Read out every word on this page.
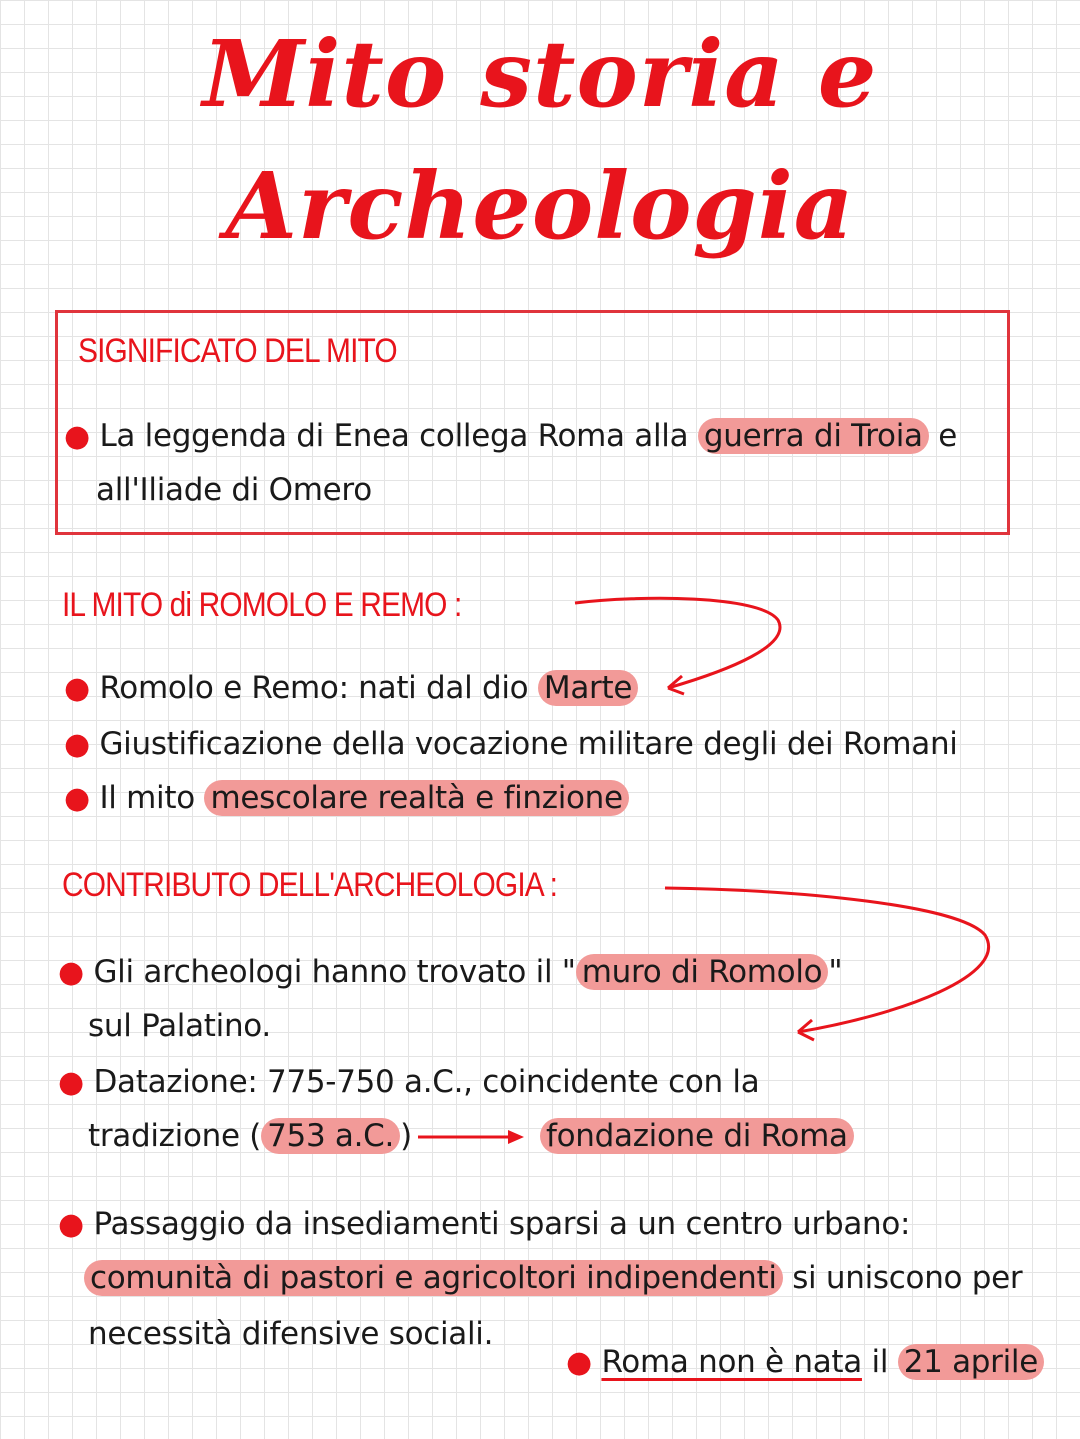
Mito storia e
Archeologia
SIGNIFICATO DEL MITO
● La leggenda di Enea collega Roma alla guerra di Troia e
all'Iliade di Omero
IL MITO di ROMOLO E REMO :
● Romolo e Remo: nati dal dio Marte
● Giustificazione della vocazione militare degli dei Romani
● Il mito mescolare realtà e finzione
CONTRIBUTO DELL'ARCHEOLOGIA :
● Gli archeologi hanno trovato il " muro di Romolo "
sul Palatino.
● Datazione: 775-750 a.C., coincidente con la
tradizione ( 753 a.C. )	fondazione di Roma
● Passaggio da insediamenti sparsi a un centro urbano:
comunità di pastori e agricoltori indipendenti si uniscono per
necessità difensive sociali.
● Roma non è nata il 21 aprile
